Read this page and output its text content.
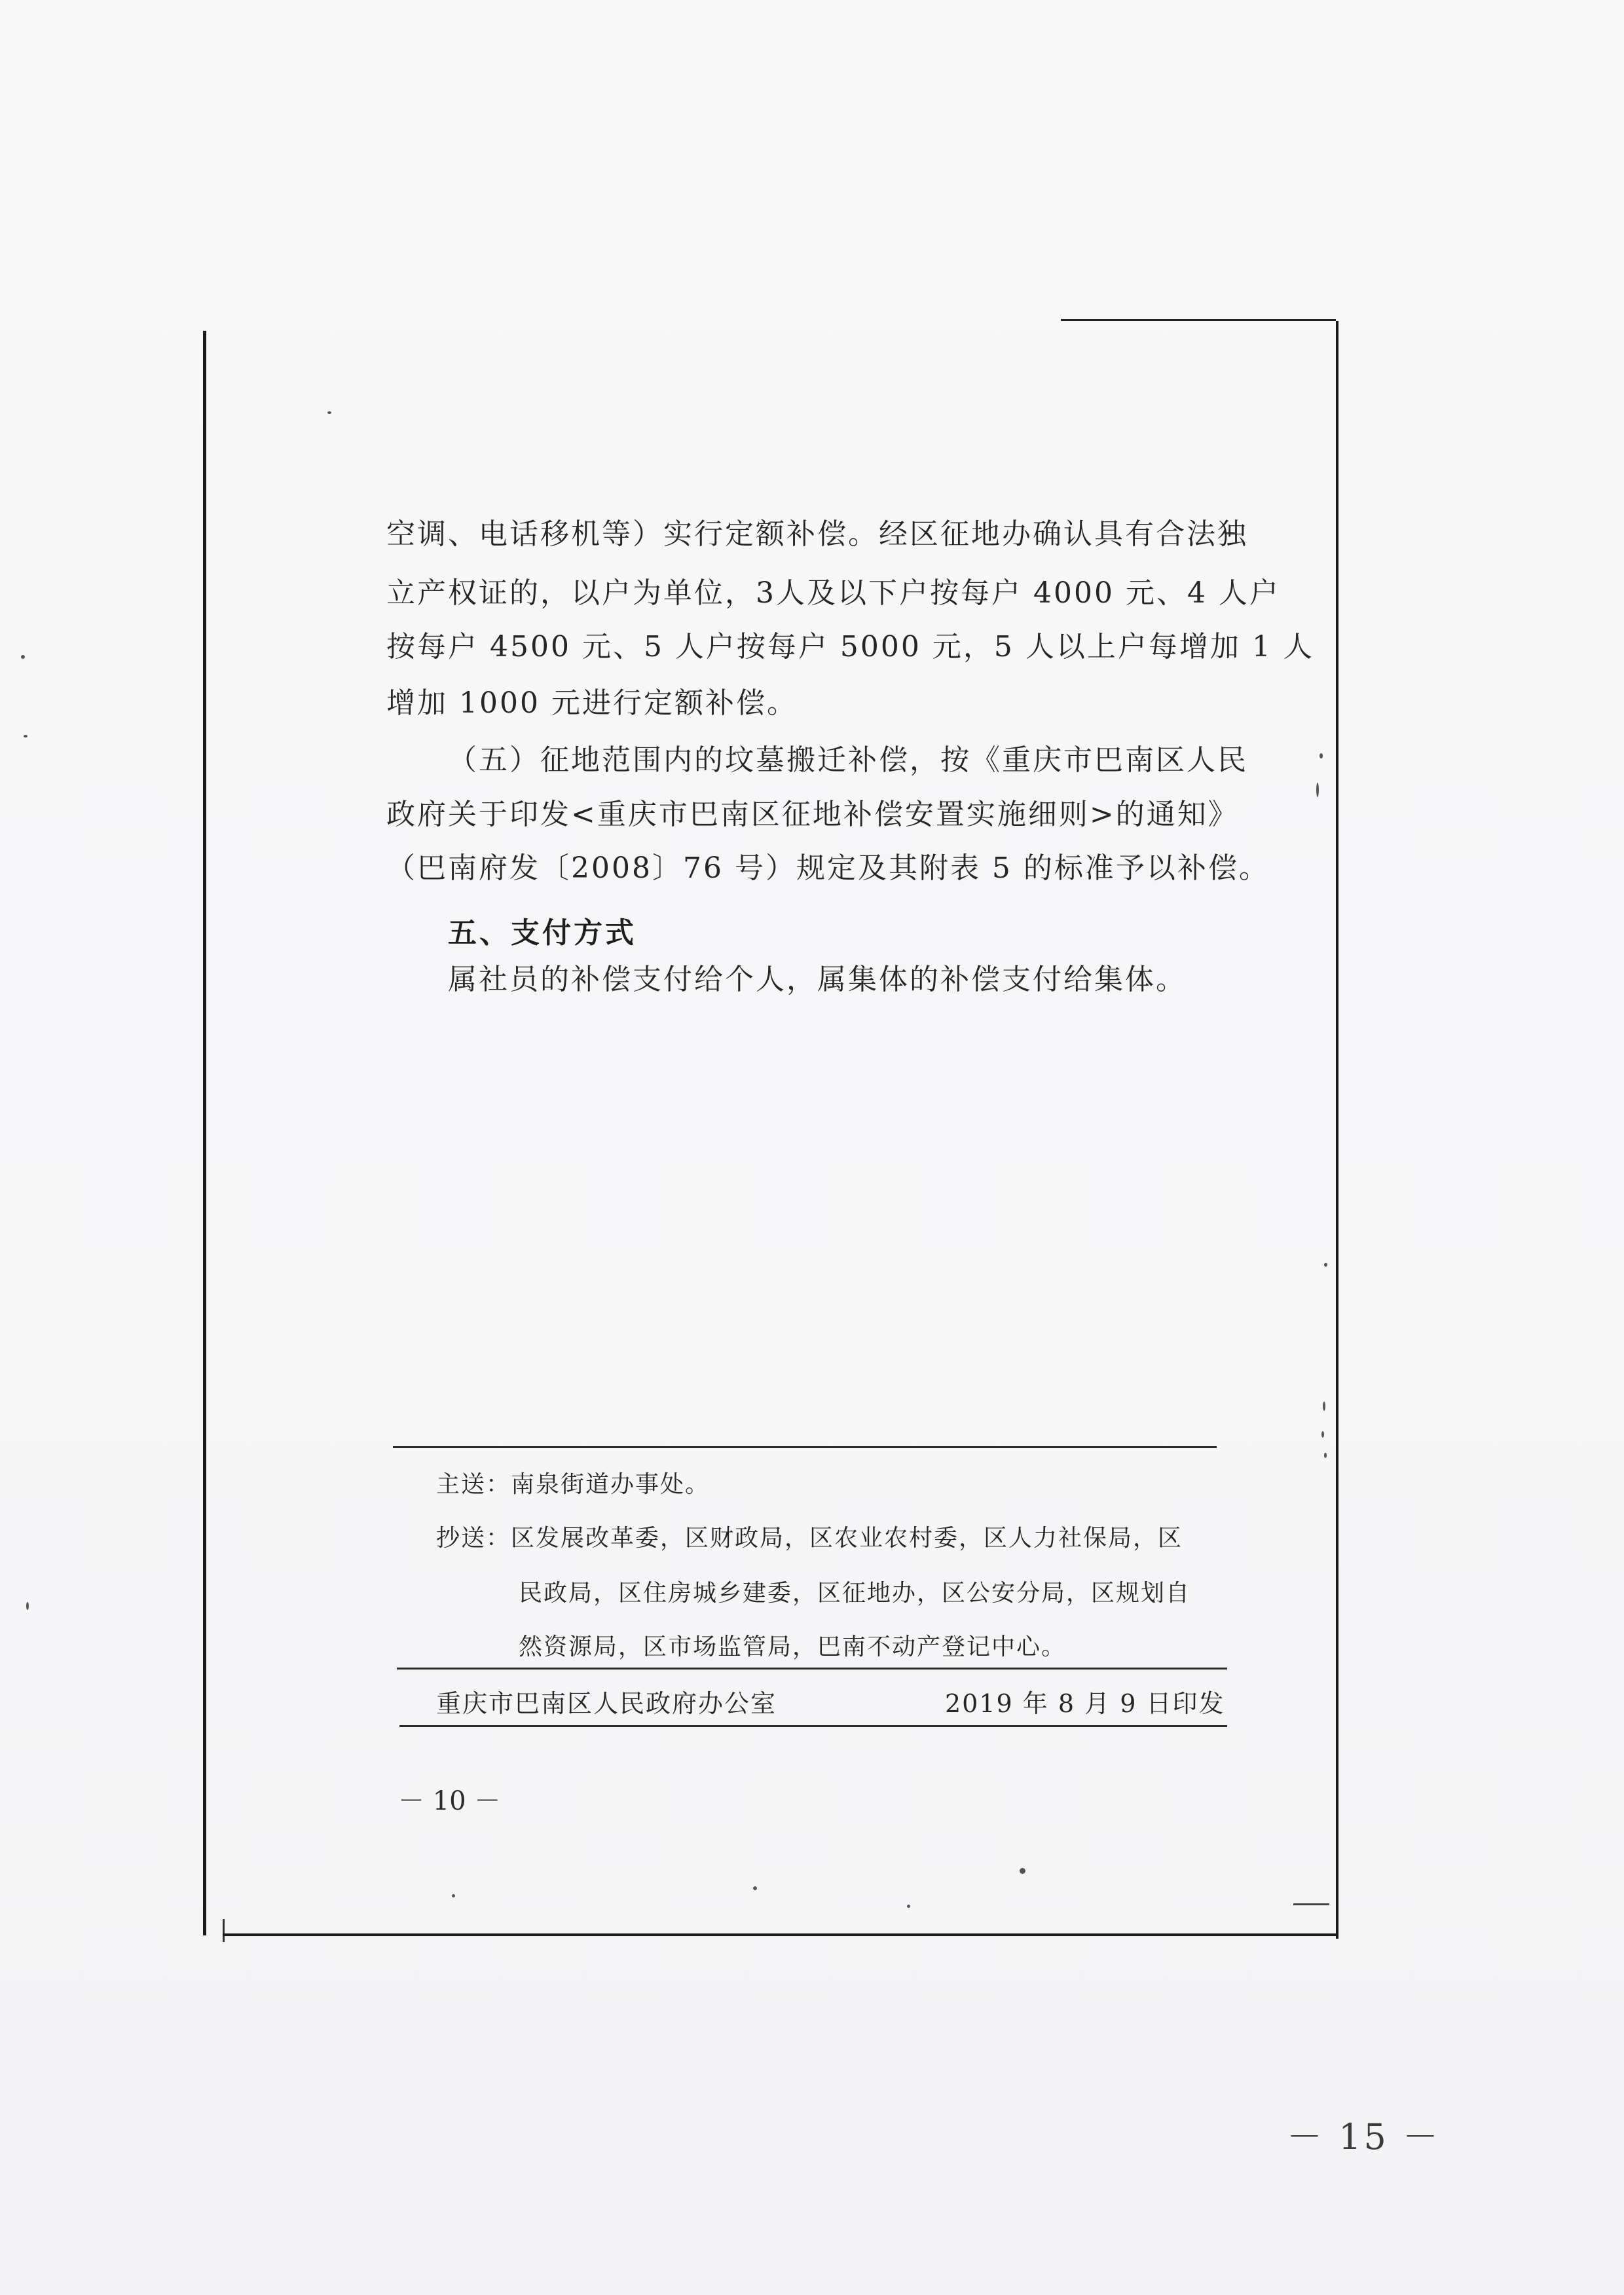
空调、电话移机等）实行定额补偿。经区征地办确认具有合法独
立产权证的，以户为单位，3人及以下户按每户 4000 元、4 人户
按每户 4500 元、5 人户按每户 5000 元，5 人以上户每增加 1 人
增加 1000 元进行定额补偿。
（五）征地范围内的坟墓搬迁补偿，按《重庆市巴南区人民
政府关于印发<重庆市巴南区征地补偿安置实施细则>的通知》
（巴南府发〔2008〕76 号）规定及其附表 5 的标准予以补偿。
五、支付方式
属社员的补偿支付给个人，属集体的补偿支付给集体。
主送：南泉街道办事处。
抄送：区发展改革委，区财政局，区农业农村委，区人力社保局，区
民政局，区住房城乡建委，区征地办，区公安分局，区规划自
然资源局，区市场监管局，巴南不动产登记中心。
重庆市巴南区人民政府办公室	2019 年 8 月 9 日印发
－ 10 －
－ 15 －
